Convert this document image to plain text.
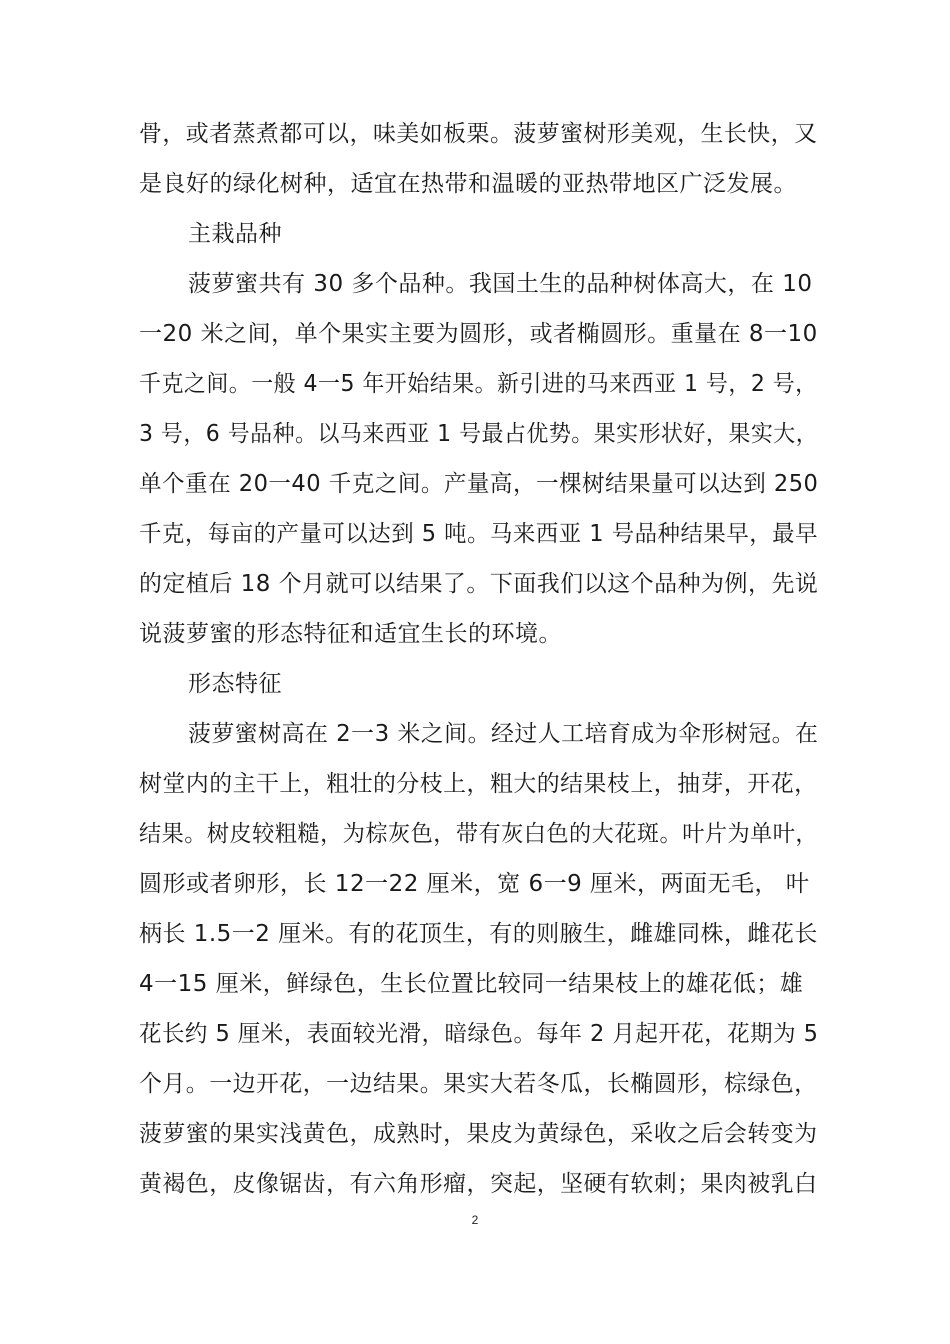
骨，或者蒸煮都可以，味美如板栗。菠萝蜜树形美观，生长快，又
是良好的绿化树种，适宜在热带和温暖的亚热带地区广泛发展。
主栽品种
菠萝蜜共有 30 多个品种。我国土生的品种树体高大，在 10
一20 米之间，单个果实主要为圆形，或者椭圆形。重量在 8一10
千克之间。一般 4一5 年开始结果。新引进的马来西亚 1 号，2 号，
3 号，6 号品种。以马来西亚 1 号最占优势。果实形状好，果实大，
单个重在 20一40 千克之间。产量高，一棵树结果量可以达到 250
千克，每亩的产量可以达到 5 吨。马来西亚 1 号品种结果早，最早
的定植后 18 个月就可以结果了。下面我们以这个品种为例，先说
说菠萝蜜的形态特征和适宜生长的环境。
形态特征
菠萝蜜树高在 2一3 米之间。经过人工培育成为伞形树冠。在
树堂内的主干上，粗壮的分枝上，粗大的结果枝上，抽芽，开花，
结果。树皮较粗糙，为棕灰色，带有灰白色的大花斑。叶片为单叶，
圆形或者卵形，长 12一22 厘米，宽 6一9 厘米，两面无毛， 叶
柄长 1.5一2 厘米。有的花顶生，有的则腋生，雌雄同株，雌花长
4一15 厘米，鲜绿色，生长位置比较同一结果枝上的雄花低；雄
花长约 5 厘米，表面较光滑，暗绿色。每年 2 月起开花，花期为 5
个月。一边开花，一边结果。果实大若冬瓜，长椭圆形，棕绿色，
菠萝蜜的果实浅黄色，成熟时，果皮为黄绿色，采收之后会转变为
黄褐色，皮像锯齿，有六角形瘤，突起，坚硬有软刺；果肉被乳白
2
